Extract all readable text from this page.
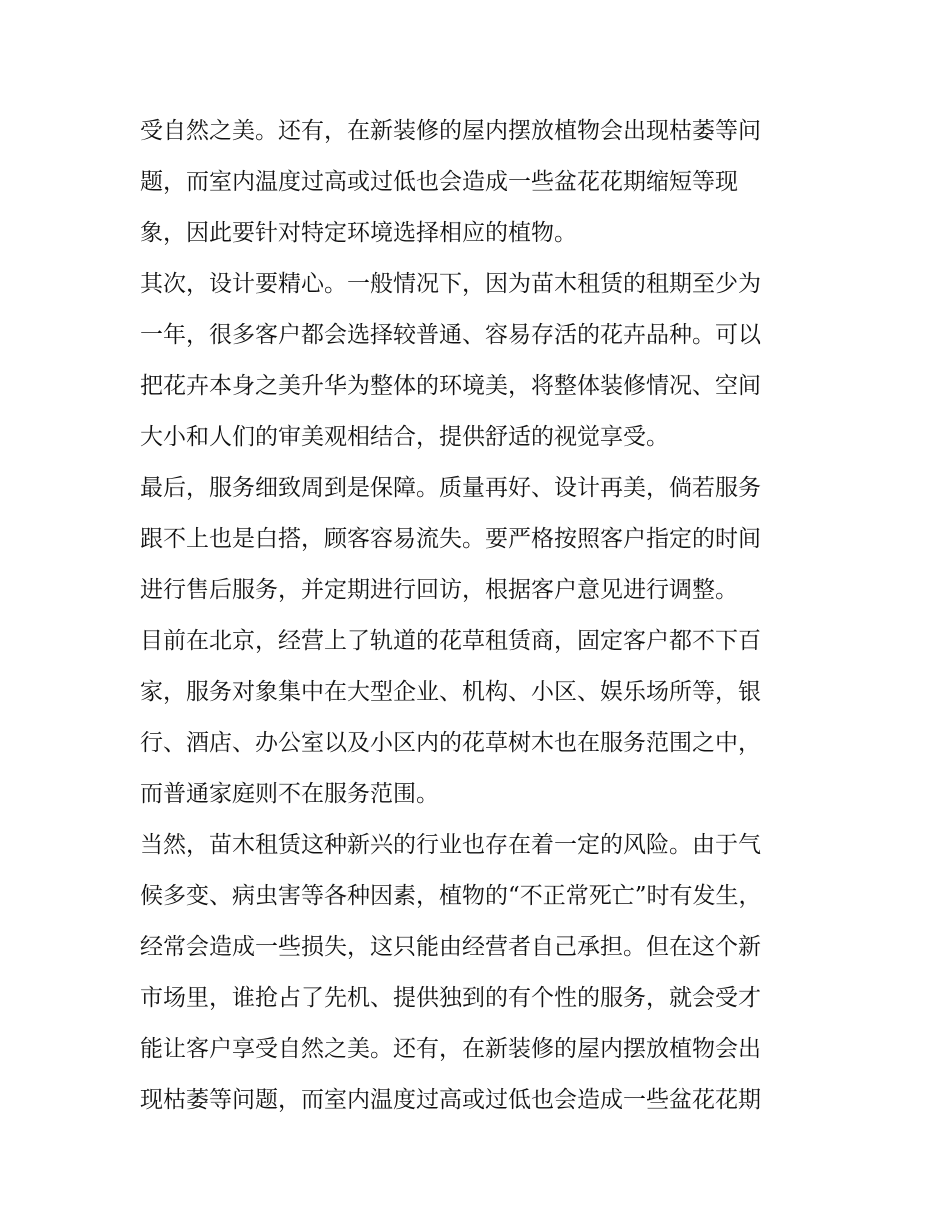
受自然之美。还有，在新装修的屋内摆放植物会出现枯萎等问
题，而室内温度过高或过低也会造成一些盆花花期缩短等现
象，因此要针对特定环境选择相应的植物。
其次，设计要精心。一般情况下，因为苗木租赁的租期至少为
一年，很多客户都会选择较普通、容易存活的花卉品种。可以
把花卉本身之美升华为整体的环境美，将整体装修情况、空间
大小和人们的审美观相结合，提供舒适的视觉享受。
最后，服务细致周到是保障。质量再好、设计再美，倘若服务
跟不上也是白搭，顾客容易流失。要严格按照客户指定的时间
进行售后服务，并定期进行回访，根据客户意见进行调整。
目前在北京，经营上了轨道的花草租赁商，固定客户都不下百
家，服务对象集中在大型企业、机构、小区、娱乐场所等，银
行、酒店、办公室以及小区内的花草树木也在服务范围之中，
而普通家庭则不在服务范围。
当然，苗木租赁这种新兴的行业也存在着一定的风险。由于气
候多变、病虫害等各种因素，植物的“不正常死亡”时有发生，
经常会造成一些损失，这只能由经营者自己承担。但在这个新
市场里，谁抢占了先机、提供独到的有个性的服务，就会受才
能让客户享受自然之美。还有，在新装修的屋内摆放植物会出
现枯萎等问题，而室内温度过高或过低也会造成一些盆花花期
